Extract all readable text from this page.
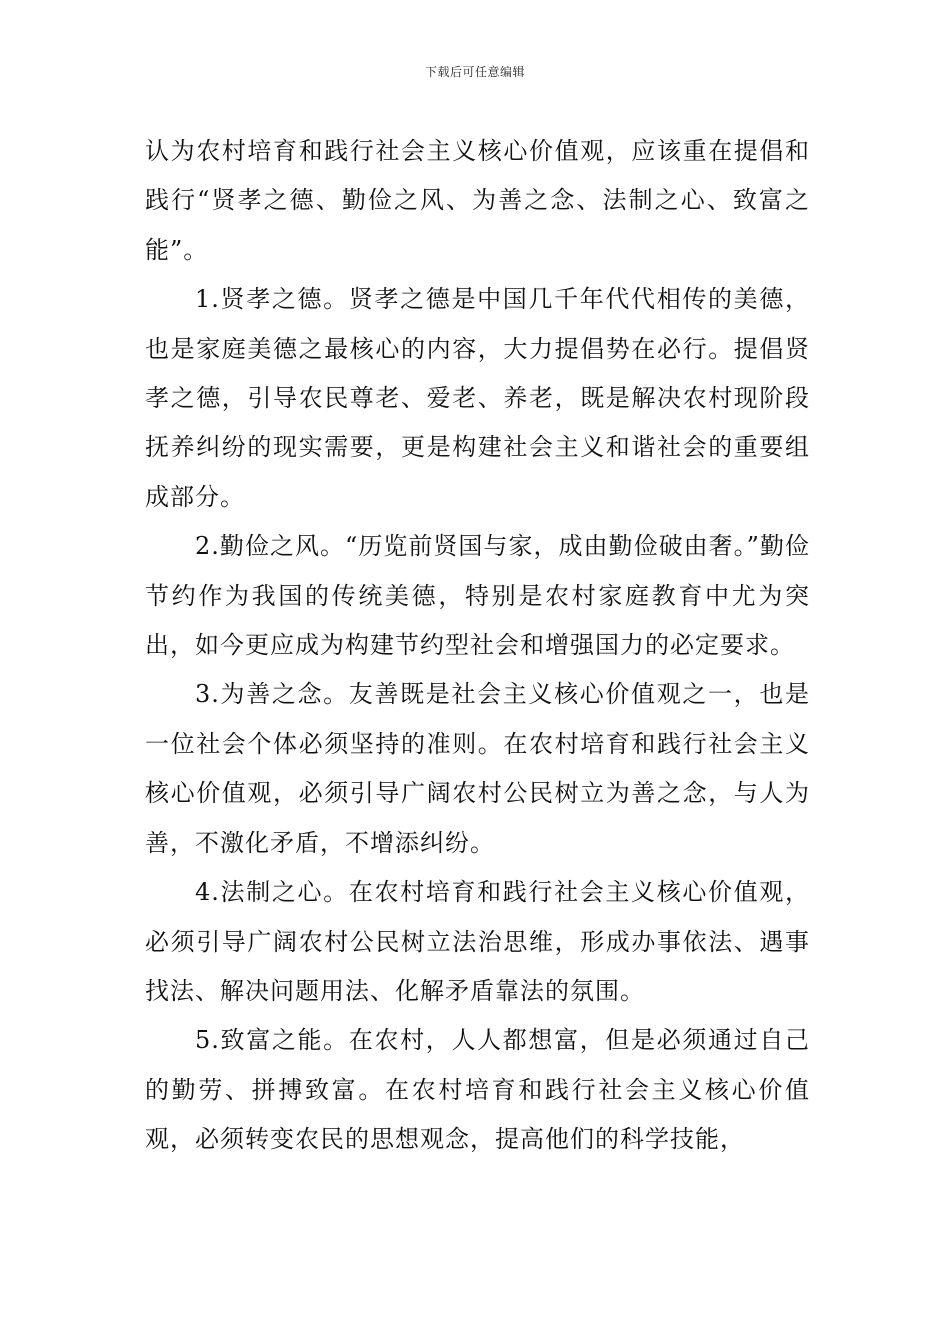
下载后可任意编辑

认为农村培育和践行社会主义核心价值观，应该重在提倡和践行“贤孝之德、勤俭之风、为善之念、法制之心、致富之能”。

1.贤孝之德。贤孝之德是中国几千年代代相传的美德，也是家庭美德之最核心的内容，大力提倡势在必行。提倡贤孝之德，引导农民尊老、爱老、养老，既是解决农村现阶段抚养纠纷的现实需要，更是构建社会主义和谐社会的重要组成部分。

2.勤俭之风。“历览前贤国与家，成由勤俭破由奢。”勤俭节约作为我国的传统美德，特别是农村家庭教育中尤为突出，如今更应成为构建节约型社会和增强国力的必定要求。

3.为善之念。友善既是社会主义核心价值观之一，也是一位社会个体必须坚持的准则。在农村培育和践行社会主义核心价值观，必须引导广阔农村公民树立为善之念，与人为善，不激化矛盾，不增添纠纷。

4.法制之心。在农村培育和践行社会主义核心价值观，必须引导广阔农村公民树立法治思维，形成办事依法、遇事找法、解决问题用法、化解矛盾靠法的氛围。

5.致富之能。在农村，人人都想富，但是必须通过自己的勤劳、拼搏致富。在农村培育和践行社会主义核心价值观，必须转变农民的思想观念，提高他们的科学技能，
